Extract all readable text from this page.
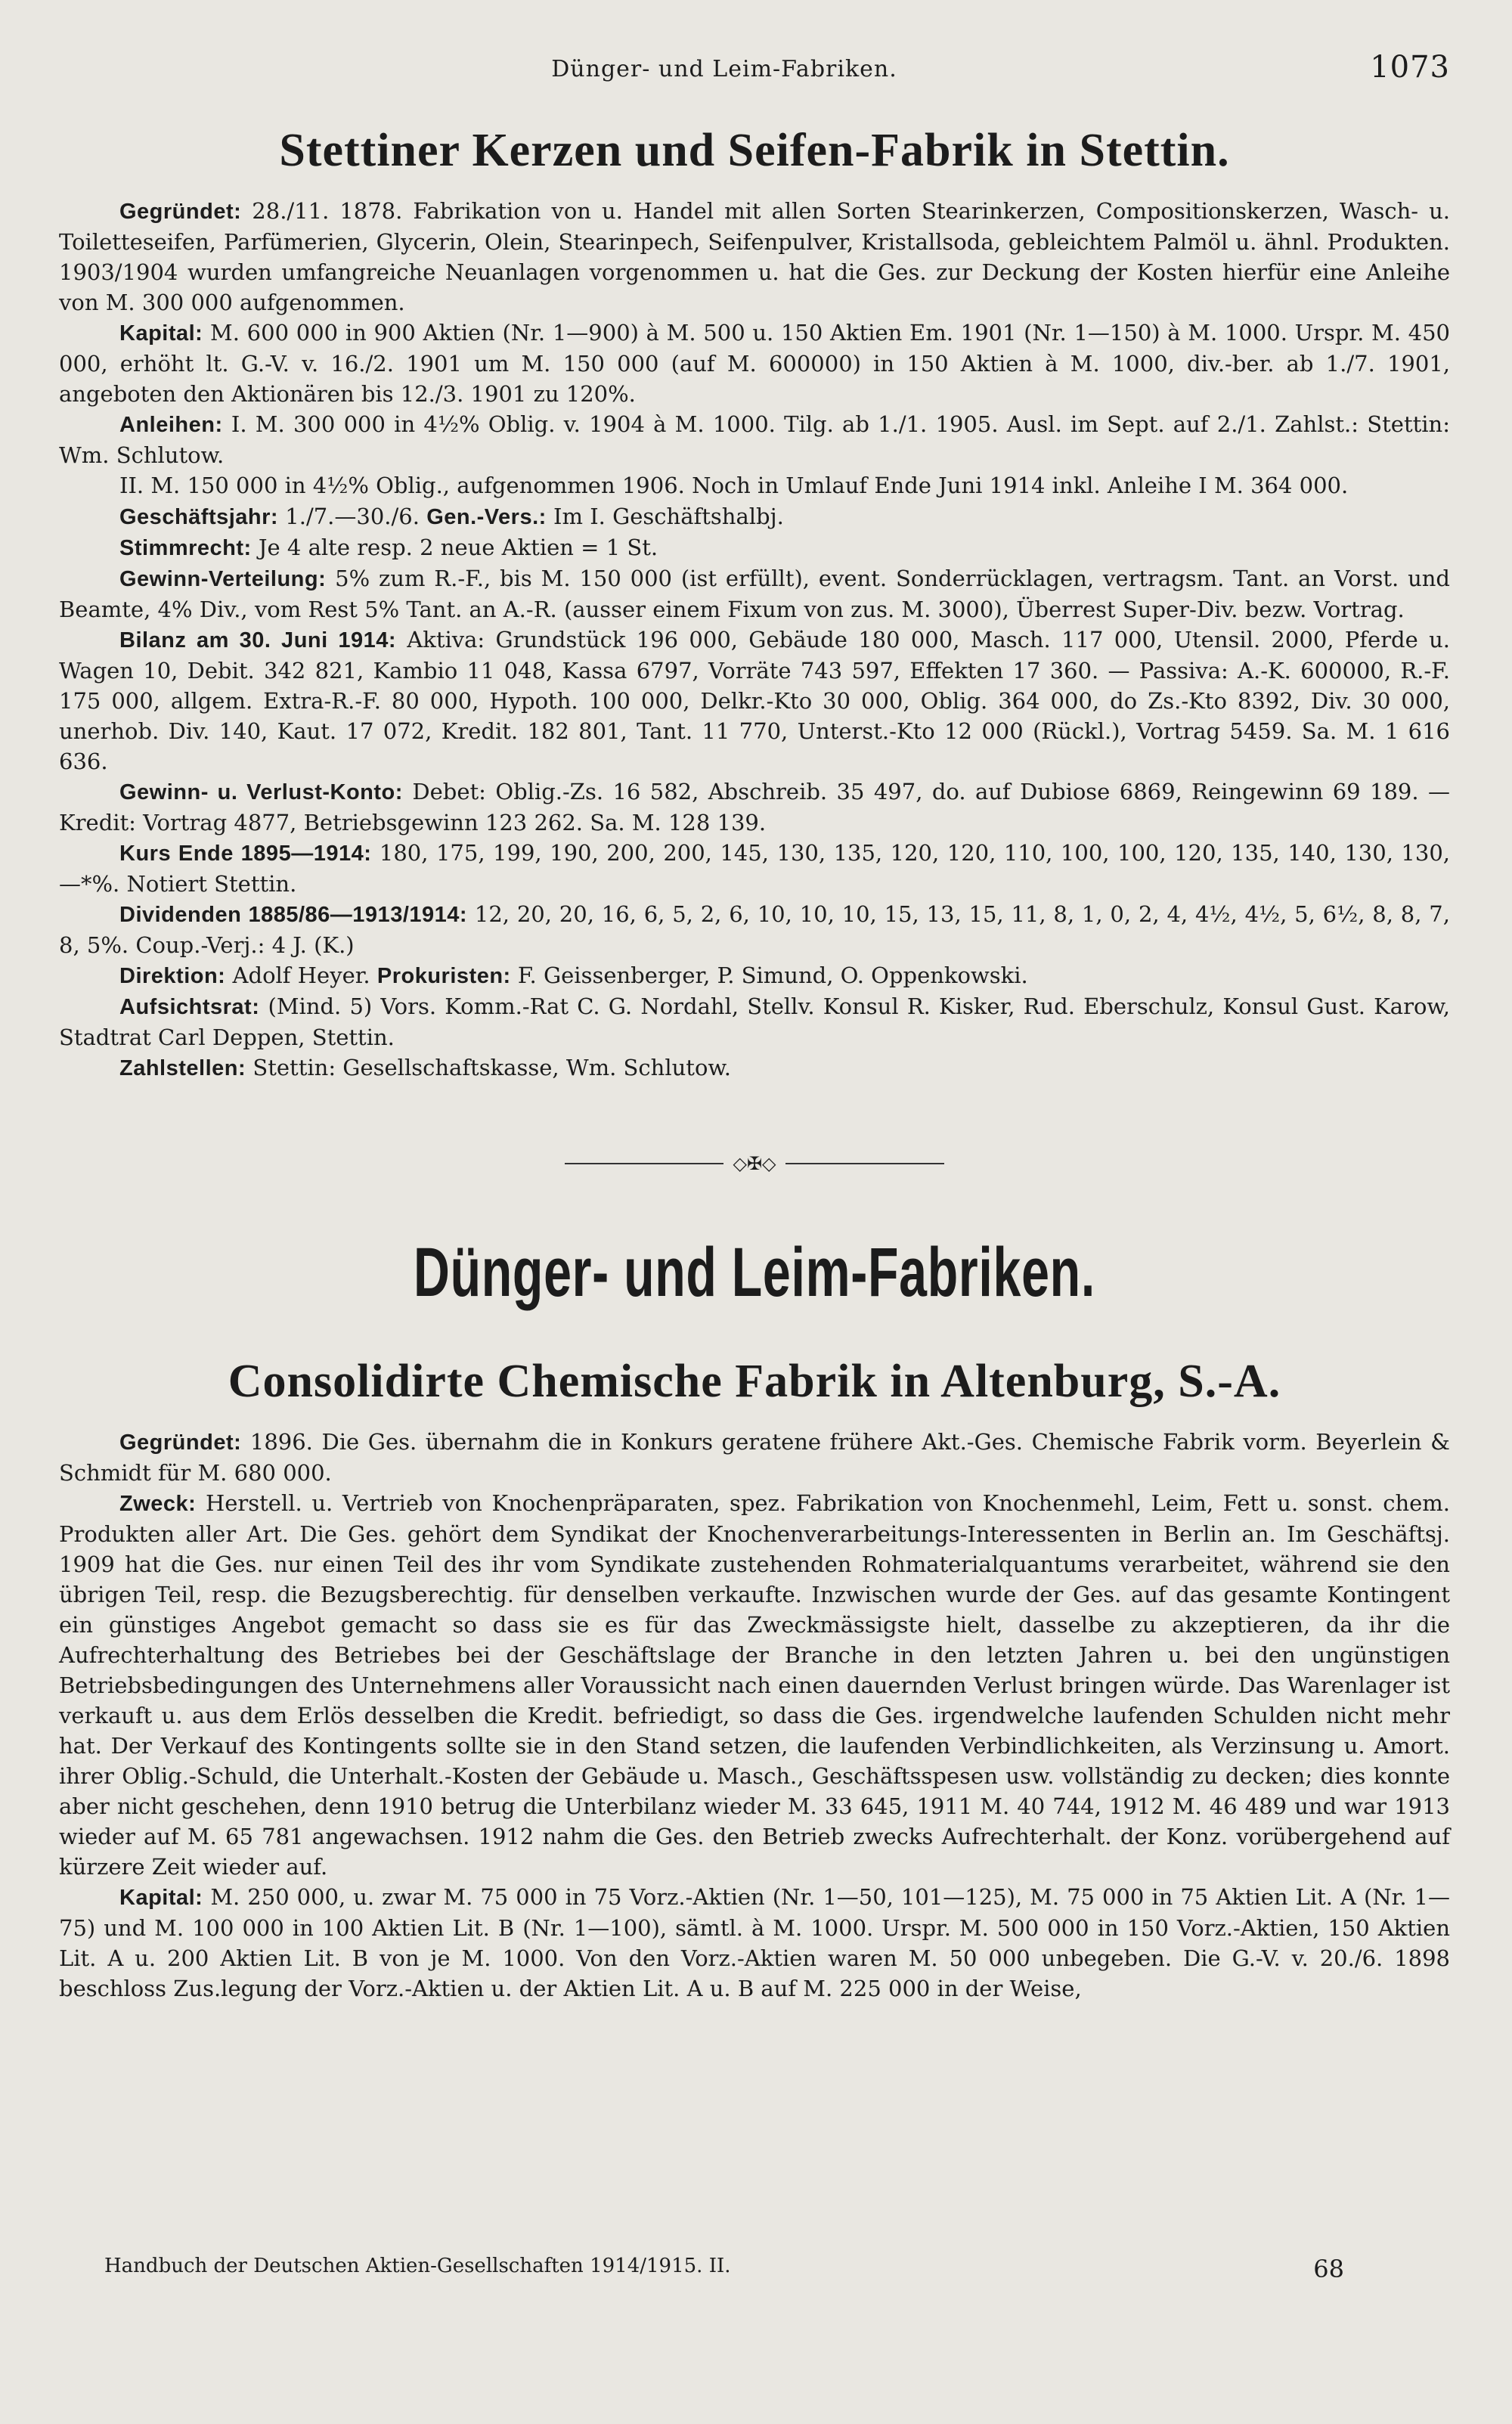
Dünger- und Leim-Fabriken.	1073
Stettiner Kerzen und Seifen-Fabrik in Stettin.

Gegründet: 28./11. 1878. Fabrikation von u. Handel mit allen Sorten Stearinkerzen, Compositionskerzen, Wasch- u. Toiletteseifen, Parfümerien, Glycerin, Olein, Stearinpech, Seifenpulver, Kristallsoda, gebleichtem Palmöl u. ähnl. Produkten. 1903/1904 wurden umfangreiche Neuanlagen vorgenommen u. hat die Ges. zur Deckung der Kosten hierfür eine Anleihe von M. 300 000 aufgenommen.

Kapital: M. 600 000 in 900 Aktien (Nr. 1—900) à M. 500 u. 150 Aktien Em. 1901 (Nr. 1—150) à M. 1000. Urspr. M. 450 000, erhöht lt. G.-V. v. 16./2. 1901 um M. 150 000 (auf M. 600000) in 150 Aktien à M. 1000, div.-ber. ab 1./7. 1901, angeboten den Aktionären bis 12./3. 1901 zu 120%.

Anleihen: I. M. 300 000 in 4½% Oblig. v. 1904 à M. 1000. Tilg. ab 1./1. 1905. Ausl. im Sept. auf 2./1. Zahlst.: Stettin: Wm. Schlutow.

II. M. 150 000 in 4½% Oblig., aufgenommen 1906. Noch in Umlauf Ende Juni 1914 inkl. Anleihe I M. 364 000.

Geschäftsjahr: 1./7.—30./6. Gen.-Vers.: Im I. Geschäftshalbj.

Stimmrecht: Je 4 alte resp. 2 neue Aktien = 1 St.

Gewinn-Verteilung: 5% zum R.-F., bis M. 150 000 (ist erfüllt), event. Sonderrücklagen, vertragsm. Tant. an Vorst. und Beamte, 4% Div., vom Rest 5% Tant. an A.-R. (ausser einem Fixum von zus. M. 3000), Überrest Super-Div. bezw. Vortrag.

Bilanz am 30. Juni 1914: Aktiva: Grundstück 196 000, Gebäude 180 000, Masch. 117 000, Utensil. 2000, Pferde u. Wagen 10, Debit. 342 821, Kambio 11 048, Kassa 6797, Vorräte 743 597, Effekten 17 360. — Passiva: A.-K. 600000, R.-F. 175 000, allgem. Extra-R.-F. 80 000, Hypoth. 100 000, Delkr.-Kto 30 000, Oblig. 364 000, do Zs.-Kto 8392, Div. 30 000, unerhob. Div. 140, Kaut. 17 072, Kredit. 182 801, Tant. 11 770, Unterst.-Kto 12 000 (Rückl.), Vortrag 5459. Sa. M. 1 616 636.

Gewinn- u. Verlust-Konto: Debet: Oblig.-Zs. 16 582, Abschreib. 35 497, do. auf Dubiose 6869, Reingewinn 69 189. — Kredit: Vortrag 4877, Betriebsgewinn 123 262. Sa. M. 128 139.

Kurs Ende 1895—1914: 180, 175, 199, 190, 200, 200, 145, 130, 135, 120, 120, 110, 100, 100, 120, 135, 140, 130, 130, —*%. Notiert Stettin.

Dividenden 1885/86—1913/1914: 12, 20, 20, 16, 6, 5, 2, 6, 10, 10, 10, 15, 13, 15, 11, 8, 1, 0, 2, 4, 4½, 4½, 5, 6½, 8, 8, 7, 8, 5%. Coup.-Verj.: 4 J. (K.)

Direktion: Adolf Heyer. Prokuristen: F. Geissenberger, P. Simund, O. Oppenkowski.

Aufsichtsrat: (Mind. 5) Vors. Komm.-Rat C. G. Nordahl, Stellv. Konsul R. Kisker, Rud. Eberschulz, Konsul Gust. Karow, Stadtrat Carl Deppen, Stettin.

Zahlstellen: Stettin: Gesellschaftskasse, Wm. Schlutow.

◇✠◇
Dünger- und Leim-Fabriken.
Consolidirte Chemische Fabrik in Altenburg, S.-A.

Gegründet: 1896. Die Ges. übernahm die in Konkurs geratene frühere Akt.-Ges. Chemische Fabrik vorm. Beyerlein & Schmidt für M. 680 000.

Zweck: Herstell. u. Vertrieb von Knochenpräparaten, spez. Fabrikation von Knochenmehl, Leim, Fett u. sonst. chem. Produkten aller Art. Die Ges. gehört dem Syndikat der Knochenverarbeitungs-Interessenten in Berlin an. Im Geschäftsj. 1909 hat die Ges. nur einen Teil des ihr vom Syndikate zustehenden Rohmaterialquantums verarbeitet, während sie den übrigen Teil, resp. die Bezugsberechtig. für denselben verkaufte. Inzwischen wurde der Ges. auf das gesamte Kontingent ein günstiges Angebot gemacht so dass sie es für das Zweckmässigste hielt, dasselbe zu akzeptieren, da ihr die Aufrechterhaltung des Betriebes bei der Geschäftslage der Branche in den letzten Jahren u. bei den ungünstigen Betriebsbedingungen des Unternehmens aller Voraussicht nach einen dauernden Verlust bringen würde. Das Warenlager ist verkauft u. aus dem Erlös desselben die Kredit. befriedigt, so dass die Ges. irgendwelche laufenden Schulden nicht mehr hat. Der Verkauf des Kontingents sollte sie in den Stand setzen, die laufenden Verbindlichkeiten, als Verzinsung u. Amort. ihrer Oblig.-Schuld, die Unterhalt.-Kosten der Gebäude u. Masch., Geschäftsspesen usw. vollständig zu decken; dies konnte aber nicht geschehen, denn 1910 betrug die Unterbilanz wieder M. 33 645, 1911 M. 40 744, 1912 M. 46 489 und war 1913 wieder auf M. 65 781 angewachsen. 1912 nahm die Ges. den Betrieb zwecks Aufrechterhalt. der Konz. vorübergehend auf kürzere Zeit wieder auf.

Kapital: M. 250 000, u. zwar M. 75 000 in 75 Vorz.-Aktien (Nr. 1—50, 101—125), M. 75 000 in 75 Aktien Lit. A (Nr. 1—75) und M. 100 000 in 100 Aktien Lit. B (Nr. 1—100), sämtl. à M. 1000. Urspr. M. 500 000 in 150 Vorz.-Aktien, 150 Aktien Lit. A u. 200 Aktien Lit. B von je M. 1000. Von den Vorz.-Aktien waren M. 50 000 unbegeben. Die G.-V. v. 20./6. 1898 beschloss Zus.legung der Vorz.-Aktien u. der Aktien Lit. A u. B auf M. 225 000 in der Weise,

Handbuch der Deutschen Aktien-Gesellschaften 1914/1915. II.	68
